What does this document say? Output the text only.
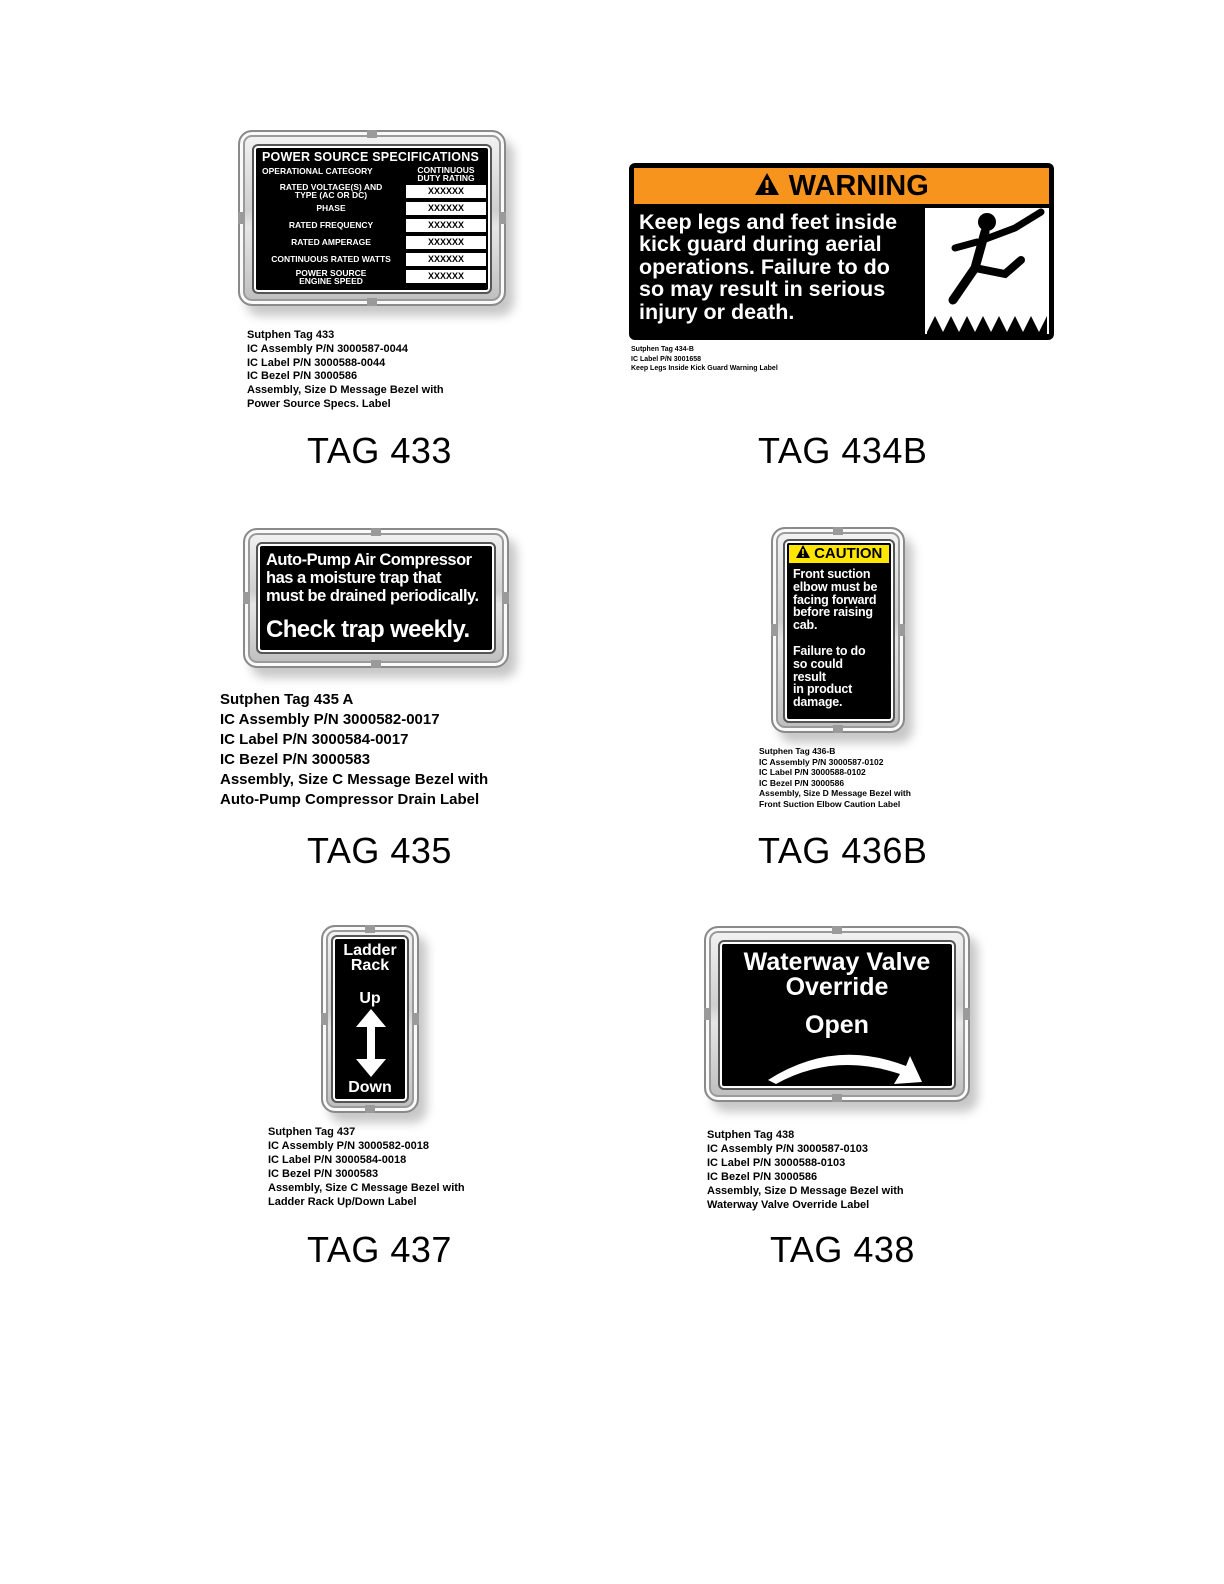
POWER SOURCE SPECIFICATIONS
OPERATIONAL CATEGORY	CONTINUOUS
DUTY RATING
RATED VOLTAGE(S) AND
TYPE (AC OR DC)	XXXXXX
PHASE	XXXXXX
RATED FREQUENCY	XXXXXX
RATED AMPERAGE	XXXXXX
CONTINUOUS RATED WATTS	XXXXXX
POWER SOURCE
ENGINE SPEED	XXXXXX
Sutphen Tag 433
IC Assembly P/N 3000587-0044
IC Label P/N 3000588-0044
IC Bezel P/N 3000586
Assembly, Size D Message Bezel with
Power Source Specs. Label
TAG 433
WARNING
Keep legs and feet inside
kick guard during aerial
operations. Failure to do
so may result in serious
injury or death.
Sutphen Tag 434-B
IC Label P/N 3001658
Keep Legs Inside Kick Guard Warning Label
TAG 434B
Auto-Pump Air Compressor
has a moisture trap that
must be drained periodically.
Check trap weekly.
Sutphen Tag 435 A
IC Assembly P/N 3000582-0017
IC Label P/N 3000584-0017
IC Bezel P/N 3000583
Assembly, Size C Message Bezel with
Auto-Pump Compressor Drain Label
TAG 435
CAUTION
Front suction
elbow must be
facing forward
before raising
cab.
Failure to do
so could
result
in product
damage.
Sutphen Tag 436-B
IC Assembly P/N 3000587-0102
IC Label P/N 3000588-0102
IC Bezel P/N 3000586
Assembly, Size D Message Bezel with
Front Suction Elbow Caution Label
TAG 436B
Ladder
Rack
Up
Down
Sutphen Tag 437
IC Assembly P/N 3000582-0018
IC Label P/N 3000584-0018
IC Bezel P/N 3000583
Assembly, Size C Message Bezel with
Ladder Rack Up/Down Label
TAG 437
Waterway Valve
Override
Open
Sutphen Tag 438
IC Assembly P/N 3000587-0103
IC Label P/N 3000588-0103
IC Bezel P/N 3000586
Assembly, Size D Message Bezel with
Waterway Valve Override Label
TAG 438
